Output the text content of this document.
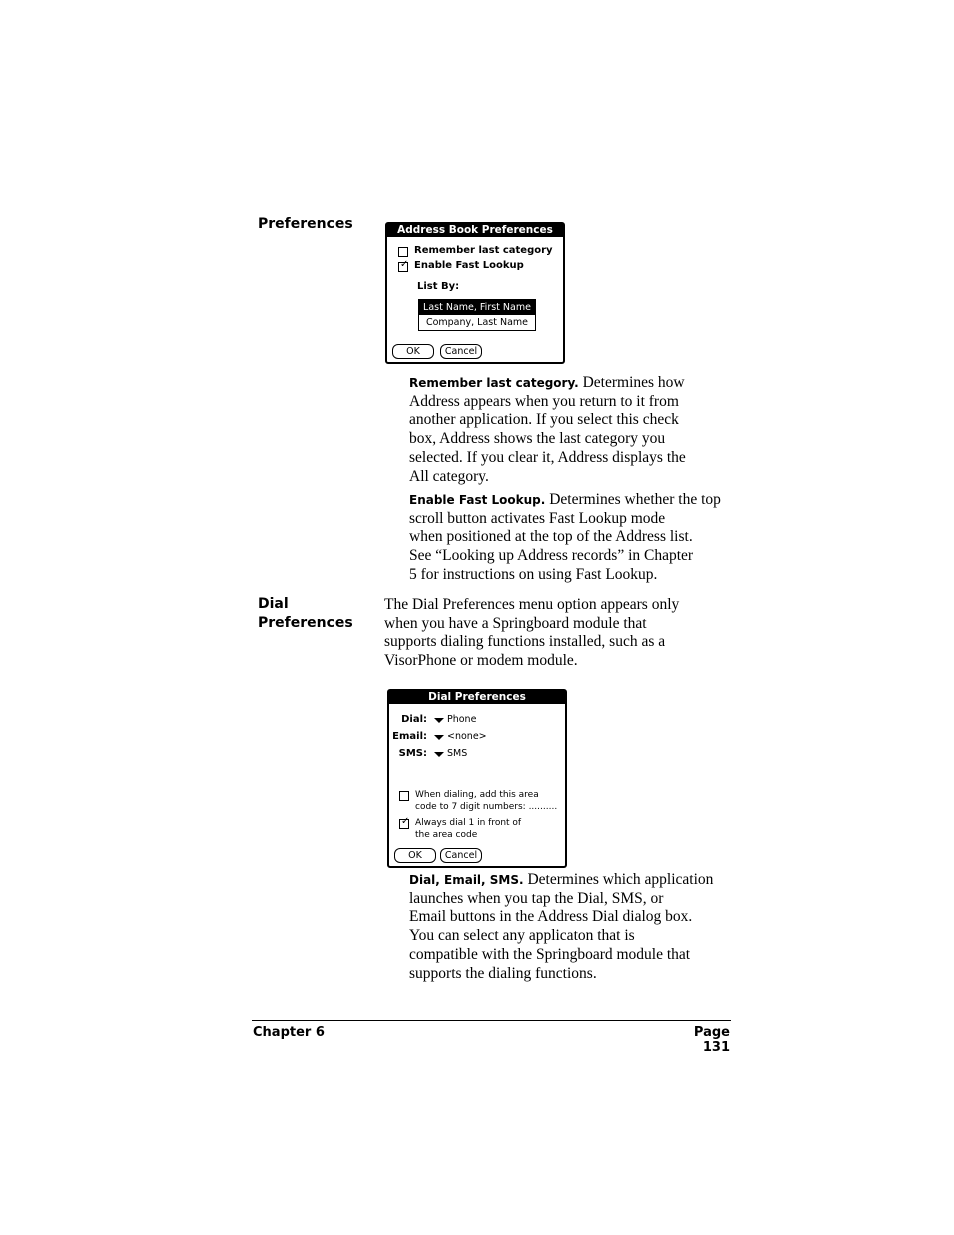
Preferences
Dial
Preferences
Address Book Preferences
Remember last category
✓ Enable Fast Lookup
List By:
Last Name, First Name
Company, Last Name
OK	Cancel
Remember last category. Determines how
Address appears when you return to it from
another application. If you select this check
box, Address shows the last category you
selected. If you clear it, Address displays the
All category.
Enable Fast Lookup. Determines whether the top
scroll button activates Fast Lookup mode
when positioned at the top of the Address list.
See “Looking up Address records” in Chapter
5 for instructions on using Fast Lookup.
The Dial Preferences menu option appears only
when you have a Springboard module that
supports dialing functions installed, such as a
VisorPhone or modem module.
Dial Preferences
Dial: Phone
Email: <none>
SMS: SMS
When dialing, add this area
code to 7 digit numbers: ..........
✓ Always dial 1 in front of
the area code
OK	Cancel
Dial, Email, SMS. Determines which application
launches when you tap the Dial, SMS, or
Email buttons in the Address Dial dialog box.
You can select any applicaton that is
compatible with the Springboard module that
supports the dialing functions.
Chapter 6	Page 131
